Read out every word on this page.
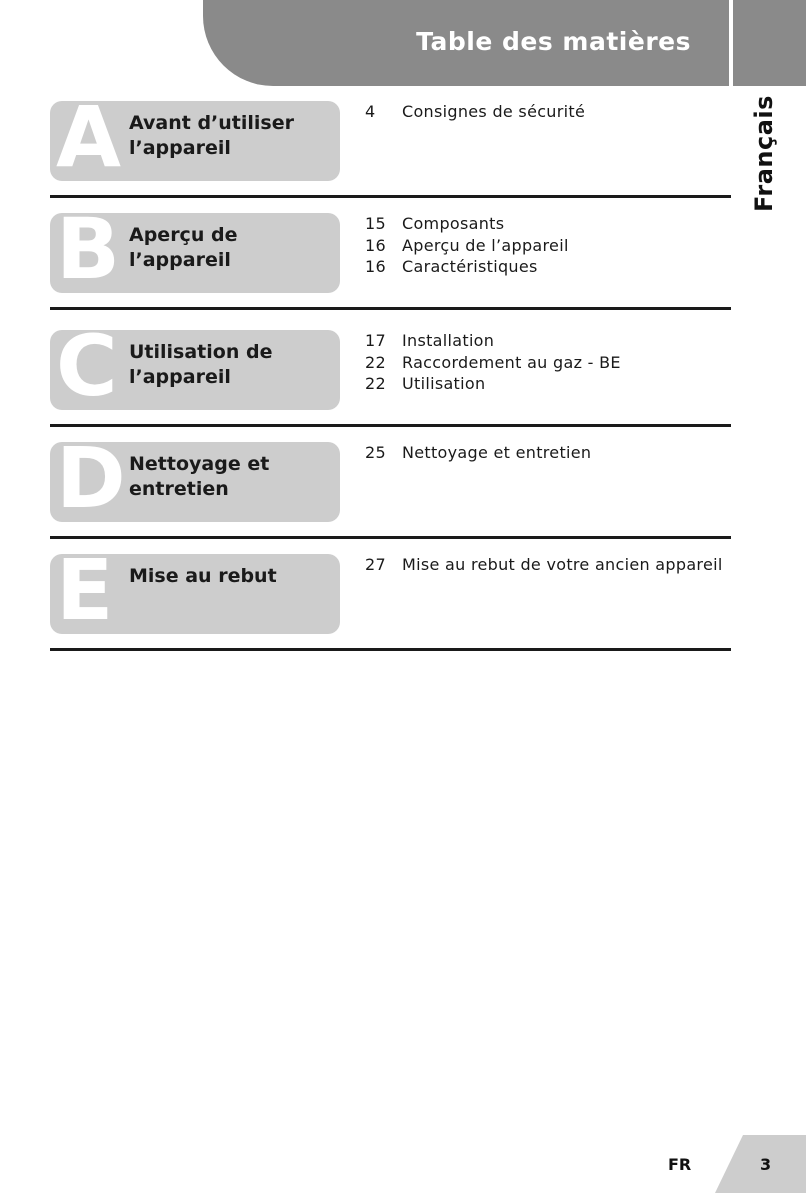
Table des matières
Français
A Avant d’utiliser l’appareil
4	Consignes de sécurité
B Aperçu de l’appareil
15	Composants
16	Aperçu de l’appareil
16	Caractéristiques
C Utilisation de l’appareil
17	Installation
22	Raccordement au gaz - BE
22	Utilisation
D Nettoyage et entretien
25	Nettoyage et entretien
E Mise au rebut
27	Mise au rebut de votre ancien appareil
FR	3
